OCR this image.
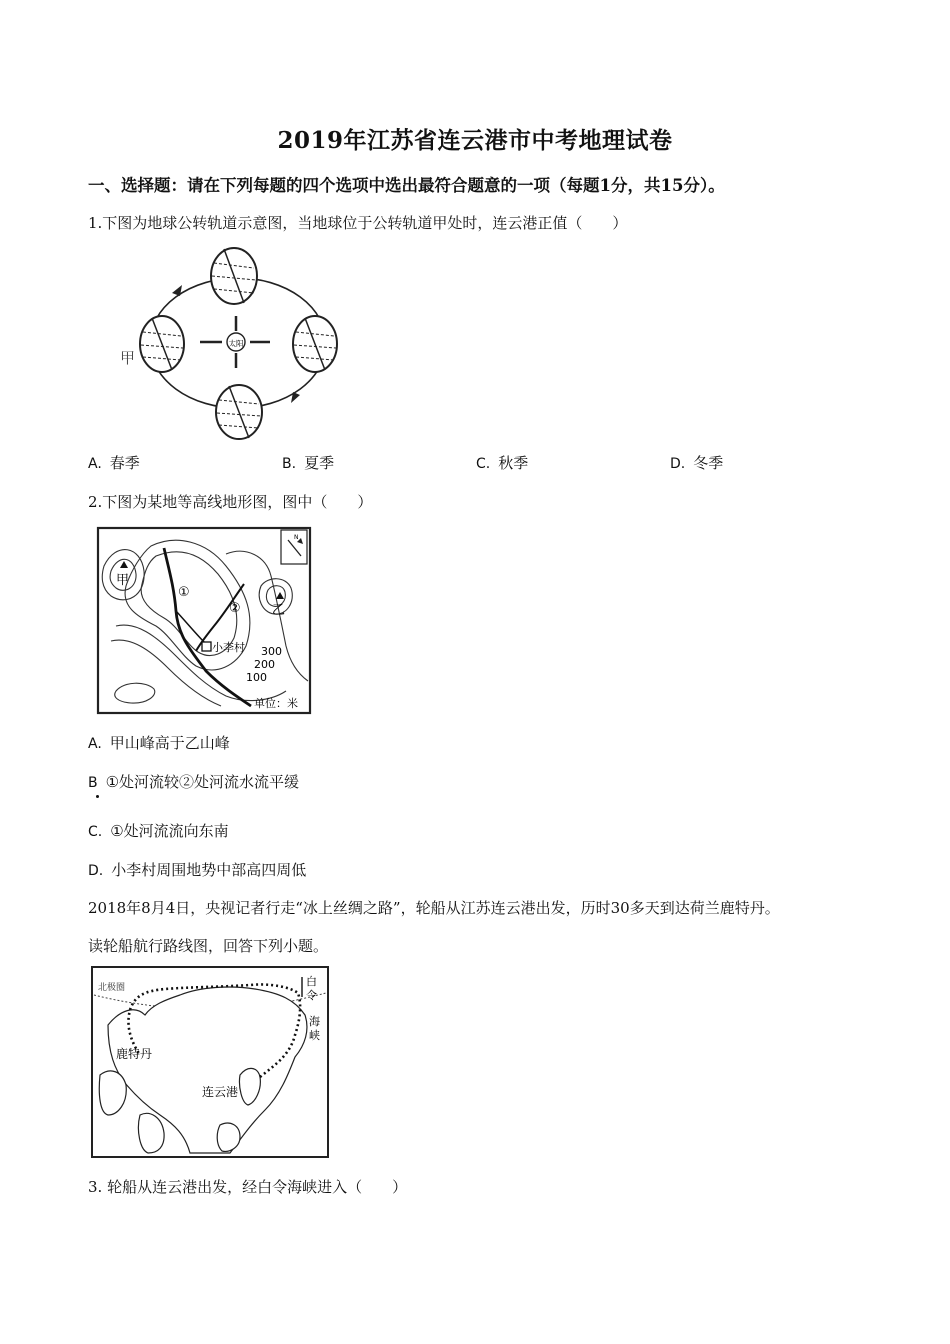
2019年江苏省连云港市中考地理试卷
一、选择题：请在下列每题的四个选项中选出最符合题意的一项（每题1分，共15分）。
1.下图为地球公转轨道示意图，当地球位于公转轨道甲处时，连云港正值（　　）
太阳
甲
A. 春季	B. 夏季	C. 秋季	D. 冬季
2.下图为某地等高线地形图，图中（　　）
N
甲
乙
①
②
小李村 300
200
100
单位：米
A. 甲山峰高于乙山峰
B ①处河流较②处河流水流平缓
C. ①处河流流向东南
D. 小李村周围地势中部高四周低
2018年8月4日，央视记者行走“冰上丝绸之路”，轮船从江苏连云港出发，历时30多天到达荷兰鹿特丹。
读轮船航行路线图，回答下列小题。
北极圈
鹿特丹
连云港
白
令
海
峡
3. 轮船从连云港出发，经白令海峡进入（　　）
